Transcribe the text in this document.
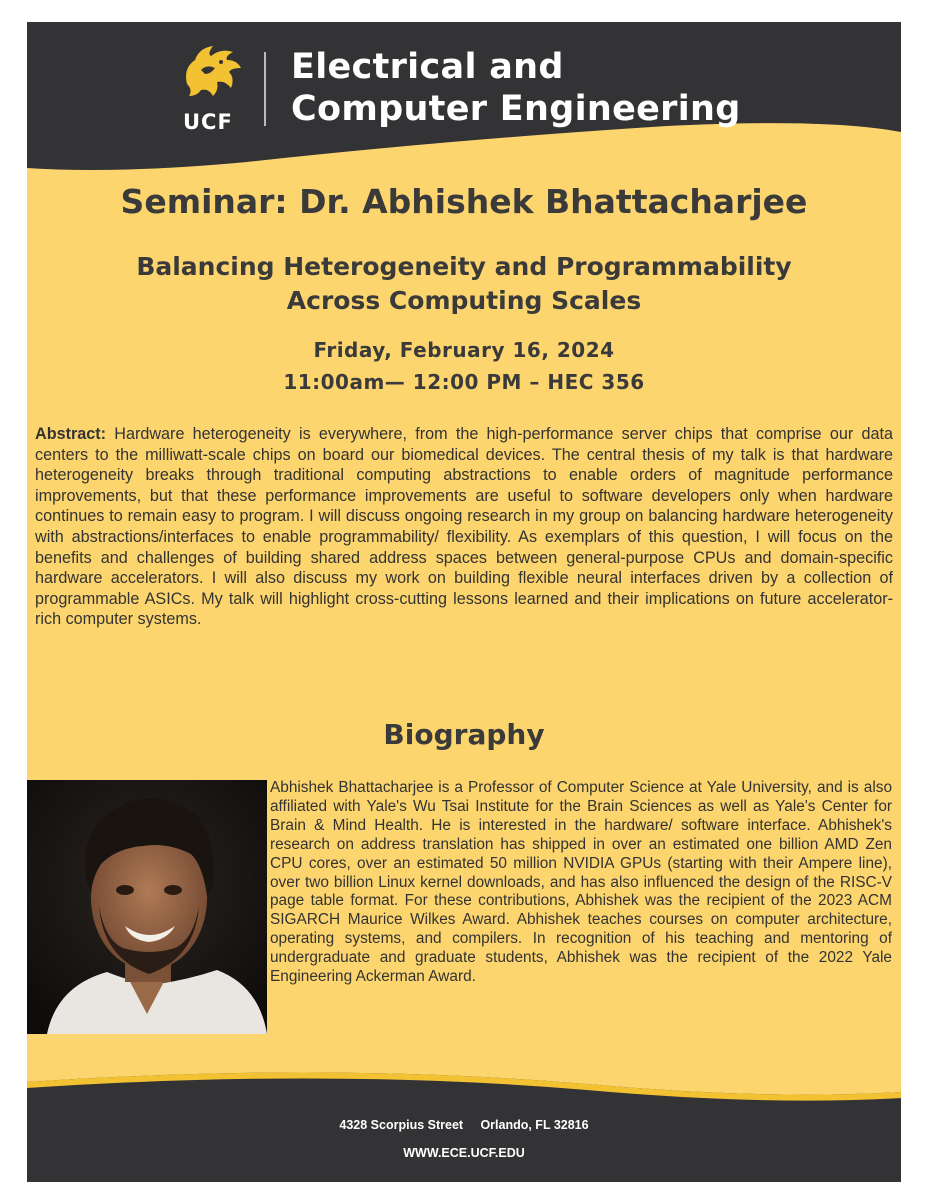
UCF
Electrical and
Computer Engineering
Seminar: Dr. Abhishek Bhattacharjee
Balancing Heterogeneity and Programmability
Across Computing Scales
Friday, February 16, 2024
11:00am— 12:00 PM – HEC 356

Abstract: Hardware heterogeneity is everywhere, from the high-performance server chips that comprise our data centers to the milliwatt-scale chips on board our biomedical devices. The central thesis of my talk is that hardware heterogeneity breaks through traditional computing abstractions to enable orders of magnitude performance improvements, but that these performance improvements are useful to software developers only when hardware continues to remain easy to program. I will discuss ongoing research in my group on balancing hardware heterogeneity with abstractions/interfaces to enable programmability/ flexibility. As exemplars of this question, I will focus on the benefits and challenges of building shared address spaces between general-purpose CPUs and domain-specific hardware accelerators. I will also discuss my work on building flexible neural interfaces driven by a collection of programmable ASICs. My talk will highlight cross-cutting lessons learned and their implications on future accelerator-rich computer systems.

Biography

Abhishek Bhattacharjee is a Professor of Computer Science at Yale University, and is also affiliated with Yale's Wu Tsai Institute for the Brain Sciences as well as Yale's Center for Brain & Mind Health. He is interested in the hardware/ software interface. Abhishek's research on address translation has shipped in over an estimated one billion AMD Zen CPU cores, over an estimated 50 million NVIDIA GPUs (starting with their Ampere line), over two billion Linux kernel downloads, and has also influenced the design of the RISC-V page table format. For these contributions, Abhishek was the recipient of the 2023 ACM SIGARCH Maurice Wilkes Award. Abhishek teaches courses on computer architecture, operating systems, and compilers. In recognition of his teaching and mentoring of undergraduate and graduate students, Abhishek was the recipient of the 2022 Yale Engineering Ackerman Award.

4328 Scorpius Street     Orlando, FL 32816
WWW.ECE.UCF.EDU
